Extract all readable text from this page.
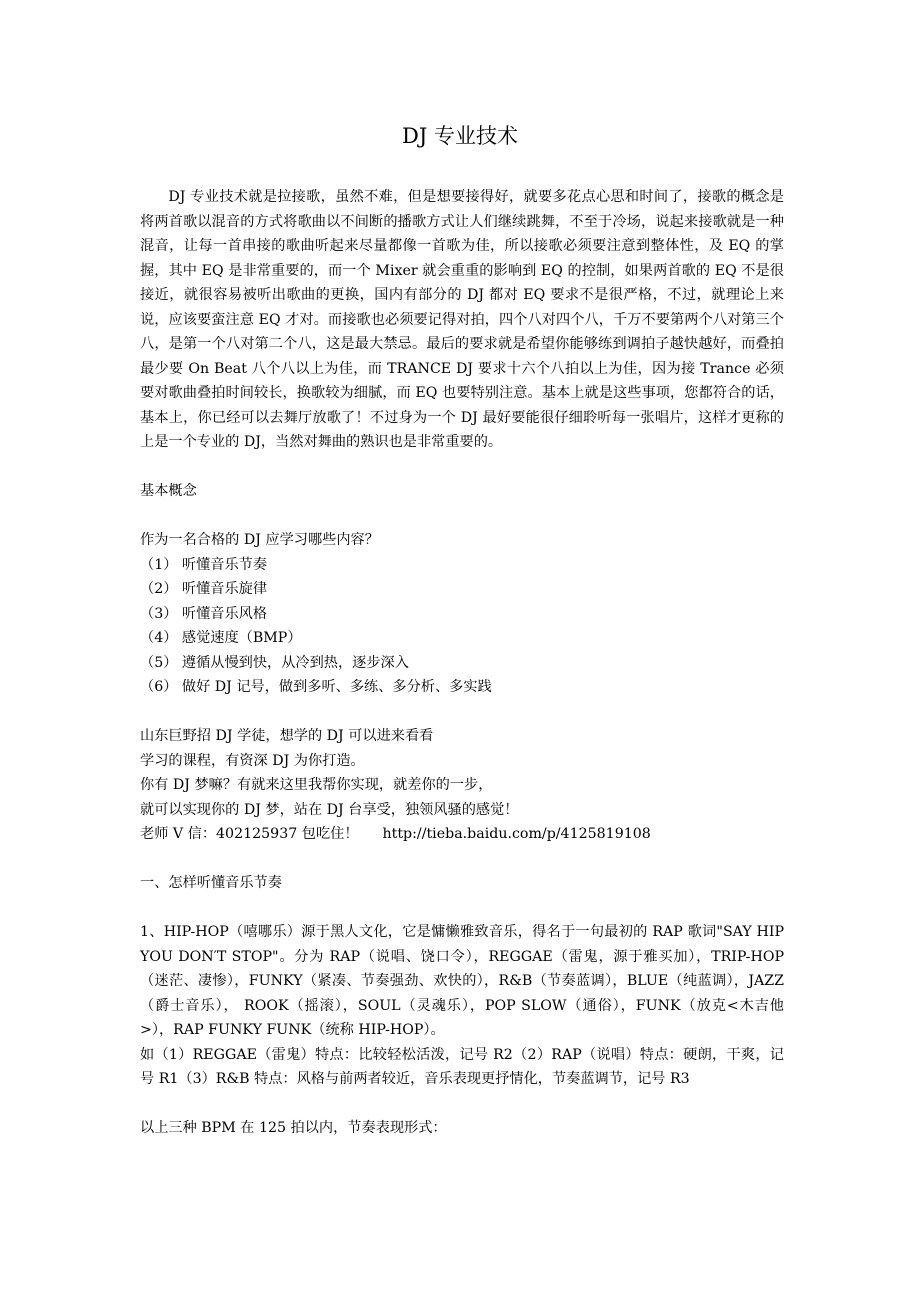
DJ 专业技术

DJ 专业技术就是拉接歌，虽然不难，但是想要接得好，就要多花点心思和时间了，接歌的概念是将两首歌以混音的方式将歌曲以不间断的播歌方式让人们继续跳舞，不至于冷场，说起来接歌就是一种混音，让每一首串接的歌曲听起来尽量都像一首歌为佳，所以接歌必须要注意到整体性，及 EQ 的掌握，其中 EQ 是非常重要的，而一个 Mixer 就会重重的影响到 EQ 的控制，如果两首歌的 EQ 不是很接近，就很容易被听出歌曲的更换，国内有部分的 DJ 都对 EQ 要求不是很严格，不过，就理论上来说，应该要蛮注意 EQ 才对。而接歌也必须要记得对拍，四个八对四个八，千万不要第两个八对第三个八，是第一个八对第二个八，这是最大禁忌。最后的要求就是希望你能够练到调拍子越快越好，而叠拍最少要 On Beat 八个八以上为佳，而 TRANCE DJ 要求十六个八拍以上为佳，因为接 Trance 必须要对歌曲叠拍时间较长，换歌较为细腻，而 EQ 也要特别注意。基本上就是这些事项，您都符合的话，基本上，你已经可以去舞厅放歌了！不过身为一个 DJ 最好要能很仔细聆听每一张唱片，这样才更称的上是一个专业的 DJ，当然对舞曲的熟识也是非常重要的。

基本概念

作为一名合格的 DJ 应学习哪些内容？

（1） 听懂音乐节奏

（2） 听懂音乐旋律

（3） 听懂音乐风格

（4） 感觉速度（BMP）

（5） 遵循从慢到快，从冷到热，逐步深入

（6） 做好 DJ 记号，做到多听、多练、多分析、多实践

山东巨野招 DJ 学徒，想学的 DJ 可以进来看看

学习的课程，有资深 DJ 为你打造。

你有 DJ 梦嘛？有就来这里我帮你实现，就差你的一步，

就可以实现你的 DJ 梦，站在 DJ 台享受，独领风骚的感觉！

老师 V 信：402125937 包吃住！ http://tieba.baidu.com/p/4125819108

一、怎样听懂音乐节奏

1、HIP-HOP（嘻哪乐）源于黑人文化，它是慵懒雅致音乐，得名于一句最初的 RAP 歌词"SAY HIP YOU DON′T STOP"。分为 RAP（说唱、饶口令），REGGAE（雷鬼，源于雅买加），TRIP-HOP（迷茫、凄惨），FUNKY（紧凑、节奏强劲、欢快的），R&B（节奏蓝调），BLUE（纯蓝调），JAZZ（爵士音乐）， ROOK（摇滚），SOUL（灵魂乐），POP SLOW（通俗），FUNK（放克<木吉他>），RAP FUNKY FUNK（统称 HIP-HOP）。

如（1）REGGAE（雷鬼）特点：比较轻松活泼，记号 R2（2）RAP（说唱）特点：硬朗，干爽，记号 R1（3）R&B 特点：风格与前两者较近，音乐表现更抒情化，节奏蓝调节，记号 R3

以上三种 BPM 在 125 拍以内，节奏表现形式：
